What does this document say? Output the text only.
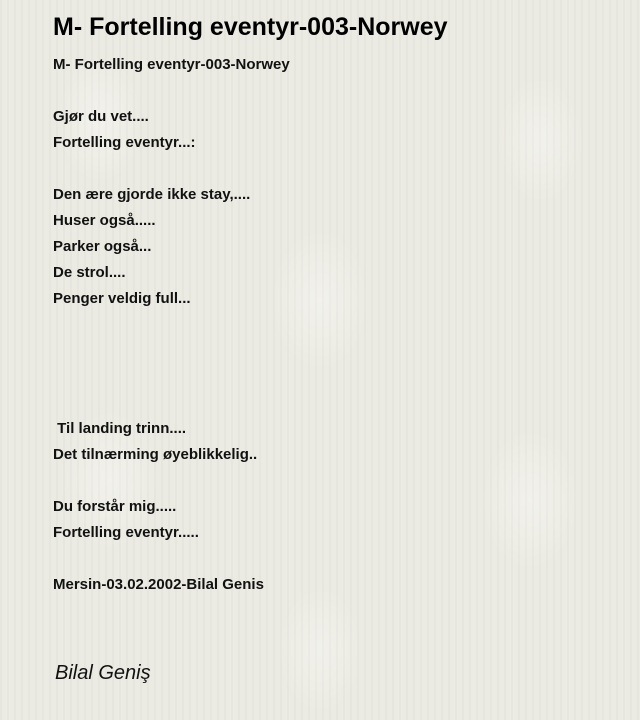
M- Fortelling eventyr-003-Norwey
M- Fortelling eventyr-003-Norwey
Gjør du vet....
Fortelling eventyr...:
Den ære gjorde ikke stay,....
Huser også.....
Parker også...
De strol....
Penger veldig full...
Til landing trinn....
Det tilnærming øyeblikkelig..
Du forstår mig.....
Fortelling eventyr.....
Mersin-03.02.2002-Bilal Genis
Bilal Geniş
